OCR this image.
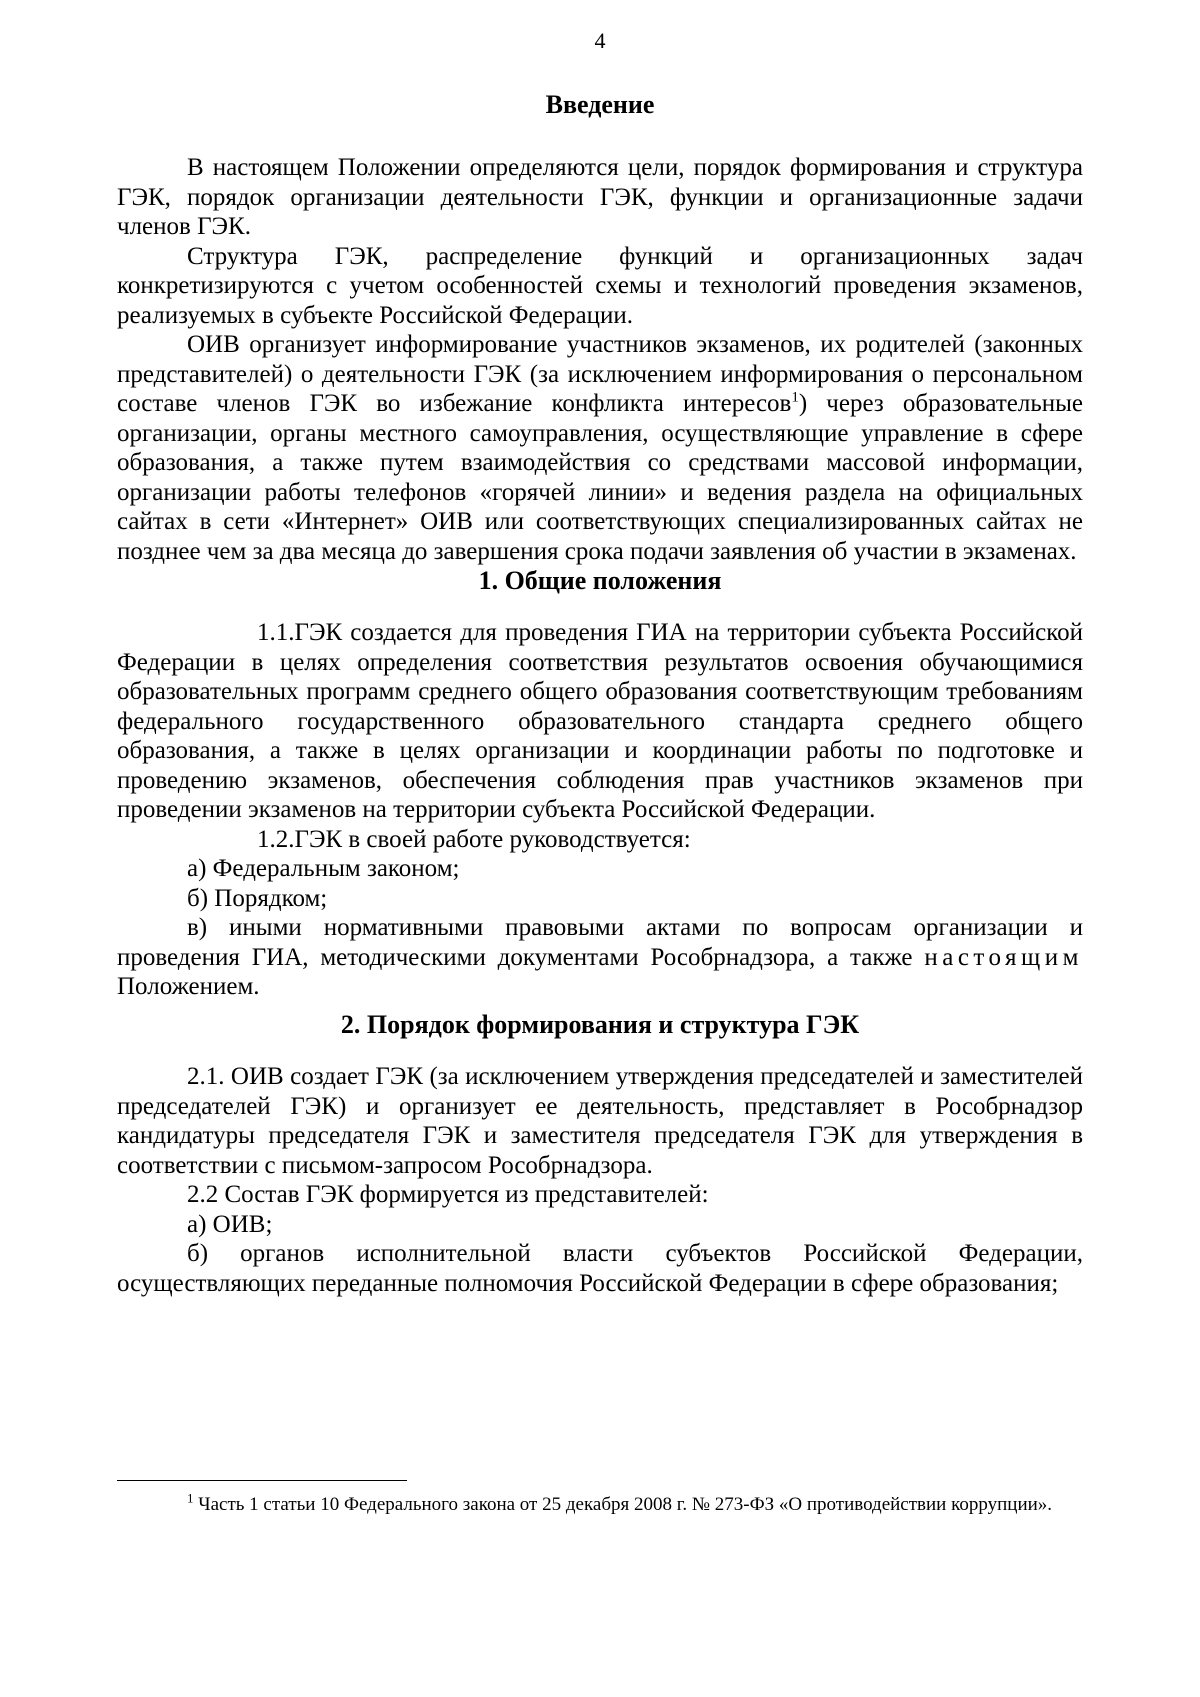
4
Введение

В настоящем Положении определяются цели, порядок формирования и структура ГЭК, порядок организации деятельности ГЭК, функции и организационные задачи членов ГЭК.

Структура ГЭК, распределение функций и организационных задач конкретизируются с учетом особенностей схемы и технологий проведения экзаменов, реализуемых в субъекте Российской Федерации.

ОИВ организует информирование участников экзаменов, их родителей (законных представителей) о деятельности ГЭК (за исключением информирования о персональном составе членов ГЭК во избежание конфликта интересов$^1$) через образовательные организации, органы местного самоуправления, осуществляющие управление в сфере образования, а также путем взаимодействия со средствами массовой информации, организации работы телефонов «горячей линии» и ведения раздела на официальных сайтах в сети «Интернет» ОИВ или соответствующих специализированных сайтах не позднее чем за два месяца до завершения срока подачи заявления об участии в экзаменах.

1. Общие положения

1.1.ГЭК создается для проведения ГИА на территории субъекта Российской Федерации в целях определения соответствия результатов освоения обучающимися образовательных программ среднего общего образования соответствующим требованиям федерального государственного образовательного стандарта среднего общего образования, а также в целях организации и координации работы по подготовке и проведению экзаменов, обеспечения соблюдения прав участников экзаменов при проведении экзаменов на территории субъекта Российской Федерации.

1.2.ГЭК в своей работе руководствуется:

а) Федеральным законом;

б) Порядком;

в) иными нормативными правовыми актами по вопросам организации и проведения ГИА, методическими документами Рособрнадзора, а также настоящим Положением.

2. Порядок формирования и структура ГЭК

2.1. ОИВ создает ГЭК (за исключением утверждения председателей и заместителей председателей ГЭК) и организует ее деятельность, представляет в Рособрнадзор кандидатуры председателя ГЭК и заместителя председателя ГЭК для утверждения в соответствии с письмом-запросом Рособрнадзора.

2.2 Состав ГЭК формируется из представителей:

а) ОИВ;

б) органов исполнительной власти субъектов Российской Федерации, осуществляющих переданные полномочия Российской Федерации в сфере образования;

$^1$ Часть 1 статьи 10 Федерального закона от 25 декабря 2008 г. № 273-ФЗ «О противодействии коррупции».
